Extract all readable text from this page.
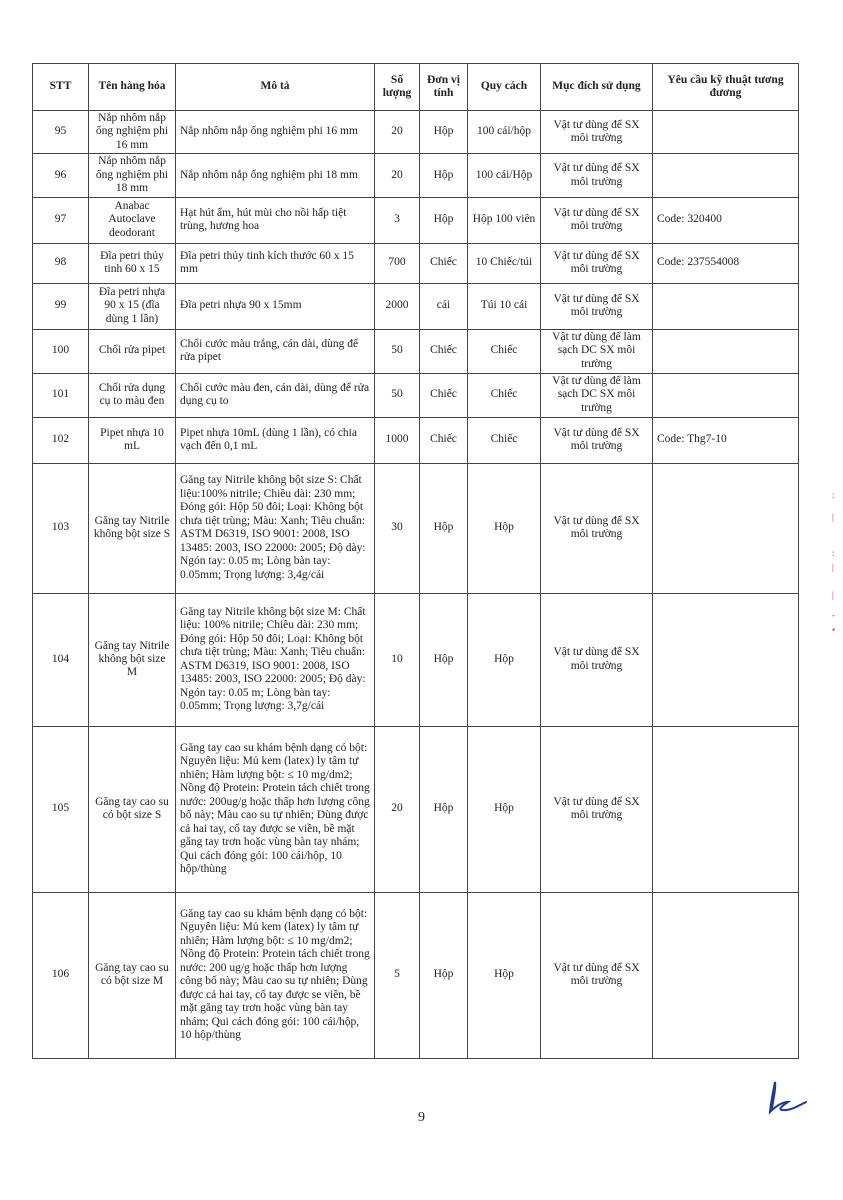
STT	Tên hàng hóa	Mô tả	Số lượng	Đơn vị tính	Quy cách	Mục đích sử dụng	Yêu cầu kỹ thuật tương đương
95	Nắp nhôm nắp ống nghiệm phi 16 mm	Nắp nhôm nắp ống nghiệm phi 16 mm	20	Hộp	100 cái/hộp	Vật tư dùng để SX môi trường	
96	Nắp nhôm nắp ống nghiệm phi 18 mm	Nắp nhôm nắp ống nghiệm phi 18 mm	20	Hộp	100 cái/Hộp	Vật tư dùng để SX môi trường	
97	Anabac Autoclave deodorant	Hạt hút ẩm, hút mùi cho nồi hấp tiệt trùng, hương hoa	3	Hộp	Hộp 100 viên	Vật tư dùng để SX môi trường	Code: 320400
98	Đĩa petri thủy tinh 60 x 15	Đĩa petri thủy tinh kích thước 60 x 15 mm	700	Chiếc	10 Chiếc/túi	Vật tư dùng để SX môi trường	Code: 237554008
99	Đĩa petri nhựa 90 x 15 (đĩa dùng 1 lần)	Đĩa petri nhựa 90 x 15mm	2000	cái	Túi 10 cái	Vật tư dùng để SX môi trường	
100	Chổi rửa pipet	Chổi cước màu trắng, cán dài, dùng để rửa pipet	50	Chiếc	Chiếc	Vật tư dùng để làm sạch DC SX môi trường	
101	Chổi rửa dụng cụ to màu đen	Chổi cước màu đen, cán dài, dùng để rửa dụng cụ to	50	Chiếc	Chiếc	Vật tư dùng để làm sạch DC SX môi trường	
102	Pipet nhựa 10 mL	Pipet nhựa 10mL (dùng 1 lần), có chia vạch đến 0,1 mL	1000	Chiếc	Chiếc	Vật tư dùng để SX môi trường	Code: Thg7-10
103	Găng tay Nitrile không bột size S	Găng tay Nitrile không bột size S: Chất liệu:100% nitrile; Chiều dài: 230 mm; Đóng gói: Hộp 50 đôi; Loại: Không bột chưa tiệt trùng; Màu: Xanh; Tiêu chuẩn: ASTM D6319, ISO 9001: 2008, ISO 13485: 2003, ISO 22000: 2005; Độ dày: Ngón tay: 0.05 m; Lòng bàn tay: 0.05mm; Trọng lượng: 3,4g/cái	30	Hộp	Hộp	Vật tư dùng để SX môi trường	
104	Găng tay Nitrile không bột size M	Găng tay Nitrile không bột size M: Chất liệu: 100% nitrile; Chiều dài: 230 mm; Đóng gói: Hộp 50 đôi; Loại: Không bột chưa tiệt trùng; Màu: Xanh; Tiêu chuẩn: ASTM D6319, ISO 9001: 2008, ISO 13485: 2003, ISO 22000: 2005; Độ dày: Ngón tay: 0.05 m; Lòng bàn tay: 0.05mm; Trọng lượng: 3,7g/cái	10	Hộp	Hộp	Vật tư dùng để SX môi trường	
105	Găng tay cao su có bột size S	Găng tay cao su khám bệnh dạng có bột: Nguyên liệu: Mủ kem (latex) ly tâm tự nhiên; Hàm lượng bột: ≤ 10 mg/dm2; Nồng độ Protein: Protein tách chiết trong nước: 200ug/g hoặc thấp hơn lượng công bố này; Màu cao su tự nhiên; Dùng được cả hai tay, cổ tay được se viền, bề mặt găng tay trơn hoặc vùng bàn tay nhám; Qui cách đóng gói: 100 cái/hộp, 10 hộp/thùng	20	Hộp	Hộp	Vật tư dùng để SX môi trường	
106	Găng tay cao su có bột size M	Găng tay cao su khám bệnh dạng có bột: Nguyên liệu: Mủ kem (latex) ly tâm tự nhiên; Hàm lượng bột: ≤ 10 mg/dm2; Nồng độ Protein: Protein tách chiết trong nước: 200 ug/g hoặc thấp hơn lượng công bố này; Màu cao su tự nhiên; Dùng được cả hai tay, cổ tay được se viền, bề mặt găng tay trơn hoặc vùng bàn tay nhám; Qui cách đóng gói: 100 cái/hộp, 10 hộp/thùng	5	Hộp	Hộp	Vật tư dùng để SX môi trường	
9
:
|
:
|
|
-
•
